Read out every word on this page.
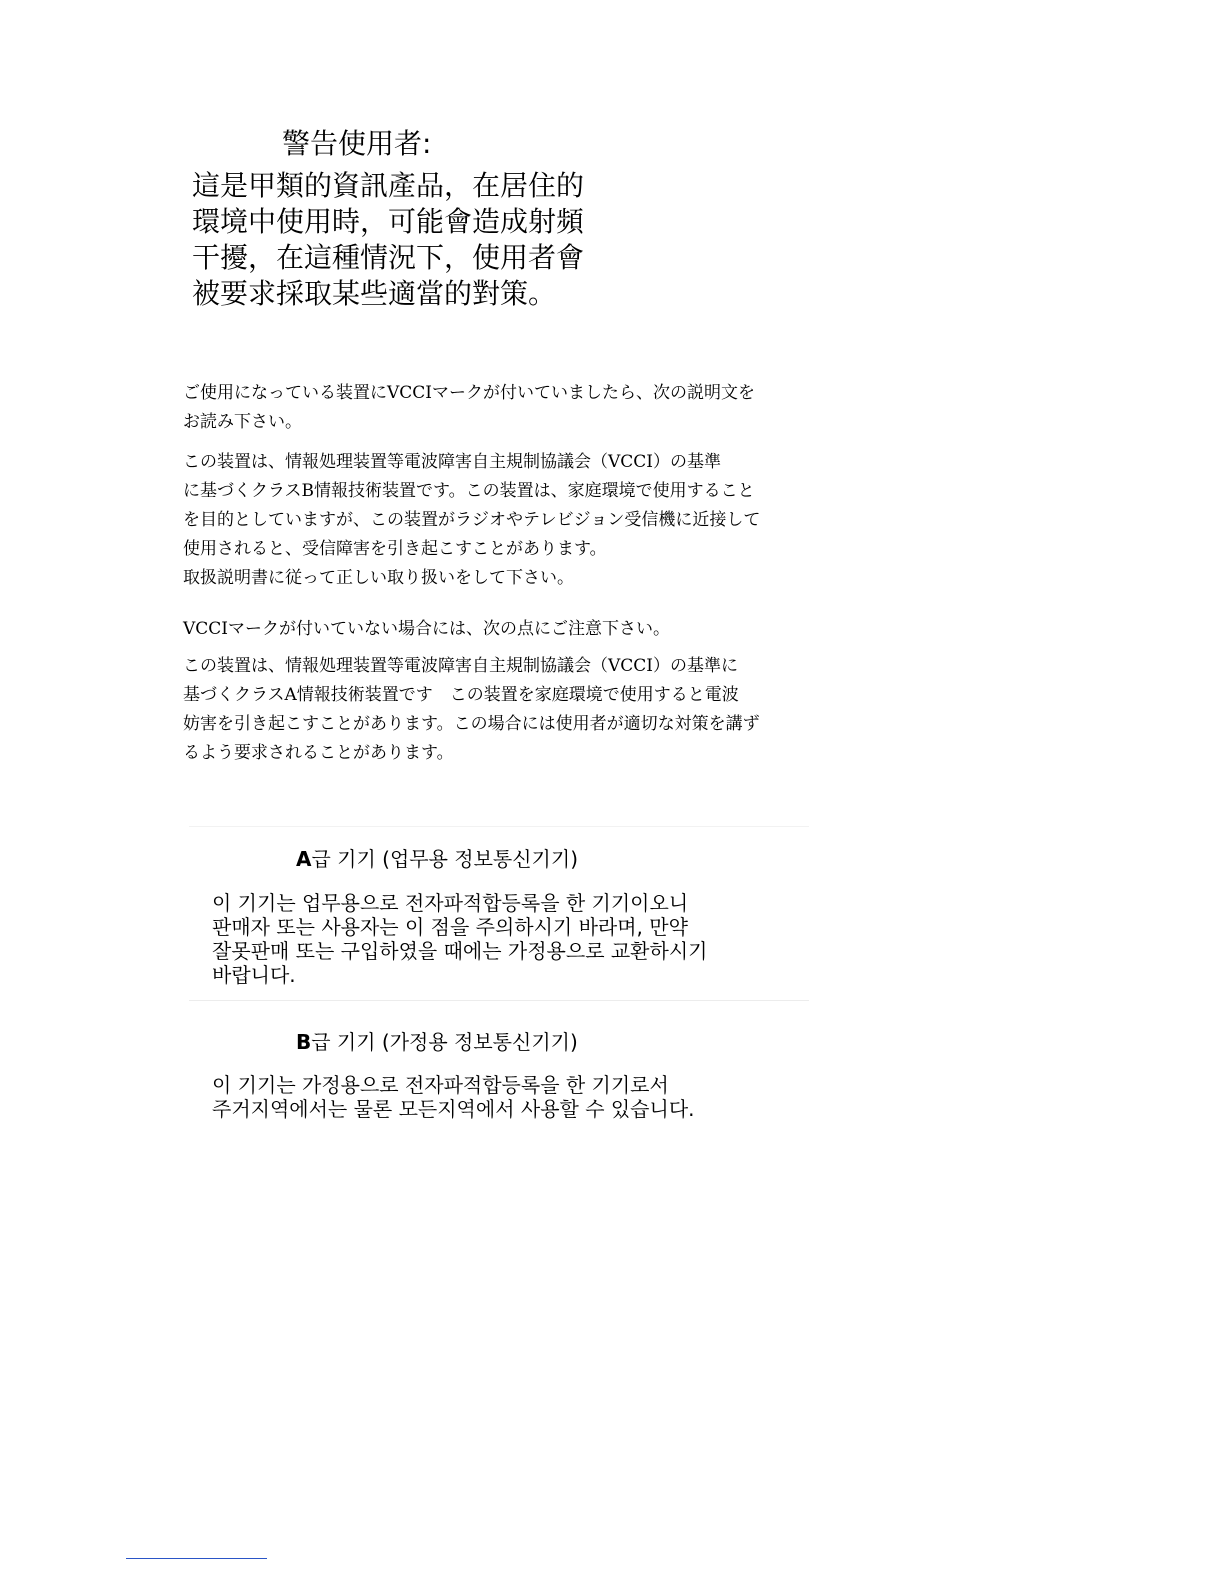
警告使用者:
這是甲類的資訊產品，在居住的
環境中使用時，可能會造成射頻
干擾，在這種情況下，使用者會
被要求採取某些適當的對策。
ご使用になっている装置にVCCIマークが付いていましたら、次の説明文を
お読み下さい。
この装置は、情報処理装置等電波障害自主規制協議会（VCCI）の基準
に基づくクラスB情報技術装置です。この装置は、家庭環境で使用すること
を目的としていますが、この装置がラジオやテレビジョン受信機に近接して
使用されると、受信障害を引き起こすことがあります。
取扱説明書に従って正しい取り扱いをして下さい。
VCCIマークが付いていない場合には、次の点にご注意下さい。
この装置は、情報処理装置等電波障害自主規制協議会（VCCI）の基準に
基づくクラスA情報技術装置です　この装置を家庭環境で使用すると電波
妨害を引き起こすことがあります。この場合には使用者が適切な対策を講ず
るよう要求されることがあります。
A급 기기 (업무용 정보통신기기)
이 기기는 업무용으로 전자파적합등록을 한 기기이오니
판매자 또는 사용자는 이 점을 주의하시기 바라며, 만약
잘못판매 또는 구입하였을 때에는 가정용으로 교환하시기
바랍니다.
B급 기기 (가정용 정보통신기기)
이 기기는 가정용으로 전자파적합등록을 한 기기로서
주거지역에서는 물론 모든지역에서 사용할 수 있습니다.
